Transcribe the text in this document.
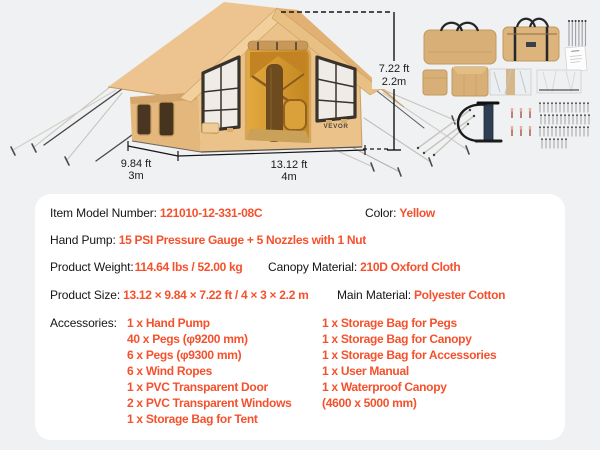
VEVOR
7.22 ft
2.2m
9.84 ft
3m
13.12 ft
4m
Item Model Number: 121010-12-331-08C	Color: Yellow
Hand Pump: 15 PSI Pressure Gauge + 5 Nozzles with 1 Nut
Product Weight:114.64 lbs / 52.00 kg Canopy Material: 210D Oxford Cloth
Product Size: 13.12 × 9.84 × 7.22 ft / 4 × 3 × 2.2 m Main Material: Polyester Cotton
Accessories: 1 x Hand Pump
40 x Pegs (φ9200 mm)
6 x Pegs (φ9300 mm)
6 x Wind Ropes
1 x PVC Transparent Door
2 x PVC Transparent Windows
1 x Storage Bag for Tent
1 x Storage Bag for Pegs
1 x Storage Bag for Canopy
1 x Storage Bag for Accessories
1 x User Manual
1 x Waterproof Canopy
(4600 x 5000 mm)
